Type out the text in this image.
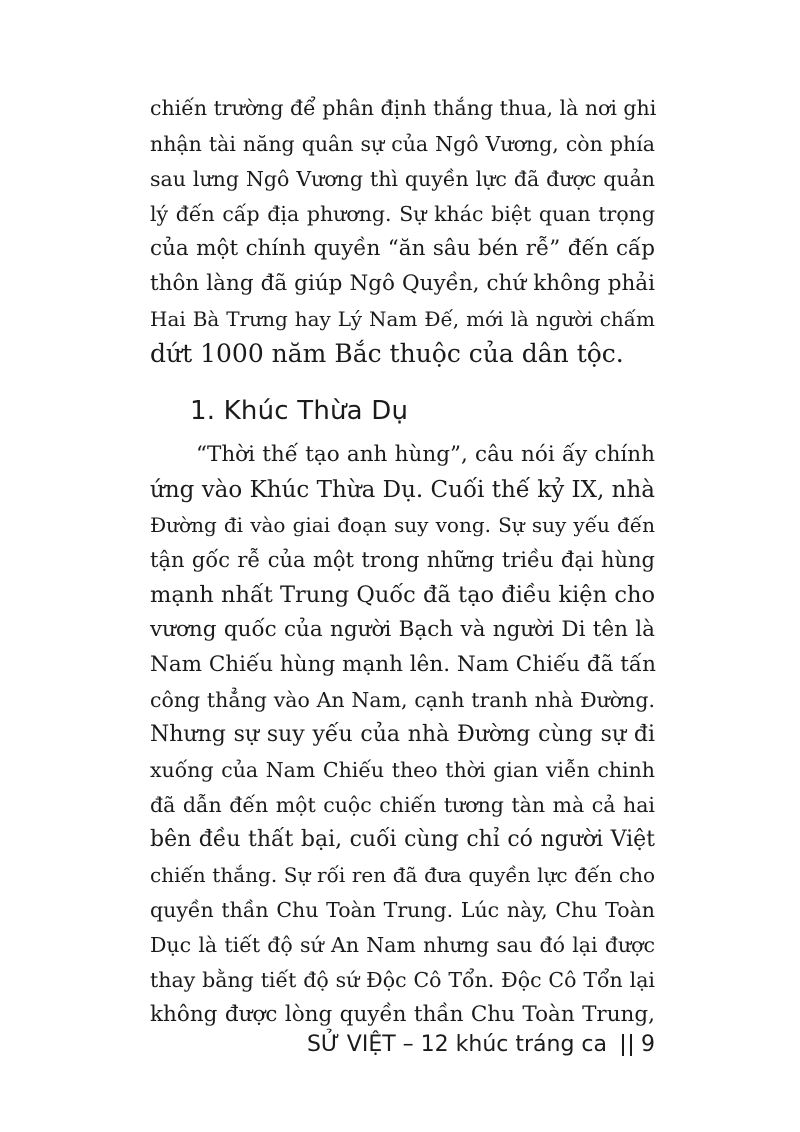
chiến trường để phân định thắng thua, là nơi ghi
nhận tài năng quân sự của Ngô Vương, còn phía
sau lưng Ngô Vương thì quyền lực đã được quản
lý đến cấp địa phương. Sự khác biệt quan trọng
của một chính quyền “ăn sâu bén rễ” đến cấp
thôn làng đã giúp Ngô Quyền, chứ không phải
Hai Bà Trưng hay Lý Nam Đế, mới là người chấm
dứt 1000 năm Bắc thuộc của dân tộc.
1. Khúc Thừa Dụ
“Thời thế tạo anh hùng”, câu nói ấy chính
ứng vào Khúc Thừa Dụ. Cuối thế kỷ IX, nhà
Đường đi vào giai đoạn suy vong. Sự suy yếu đến
tận gốc rễ của một trong những triều đại hùng
mạnh nhất Trung Quốc đã tạo điều kiện cho
vương quốc của người Bạch và người Di tên là
Nam Chiếu hùng mạnh lên. Nam Chiếu đã tấn
công thẳng vào An Nam, cạnh tranh nhà Đường.
Nhưng sự suy yếu của nhà Đường cùng sự đi
xuống của Nam Chiếu theo thời gian viễn chinh
đã dẫn đến một cuộc chiến tương tàn mà cả hai
bên đều thất bại, cuối cùng chỉ có người Việt
chiến thắng. Sự rối ren đã đưa quyền lực đến cho
quyền thần Chu Toàn Trung. Lúc này, Chu Toàn
Dục là tiết độ sứ An Nam nhưng sau đó lại được
thay bằng tiết độ sứ Độc Cô Tổn. Độc Cô Tổn lại
không được lòng quyền thần Chu Toàn Trung,
SỬ VIỆT – 12 khúc tráng ca 9
